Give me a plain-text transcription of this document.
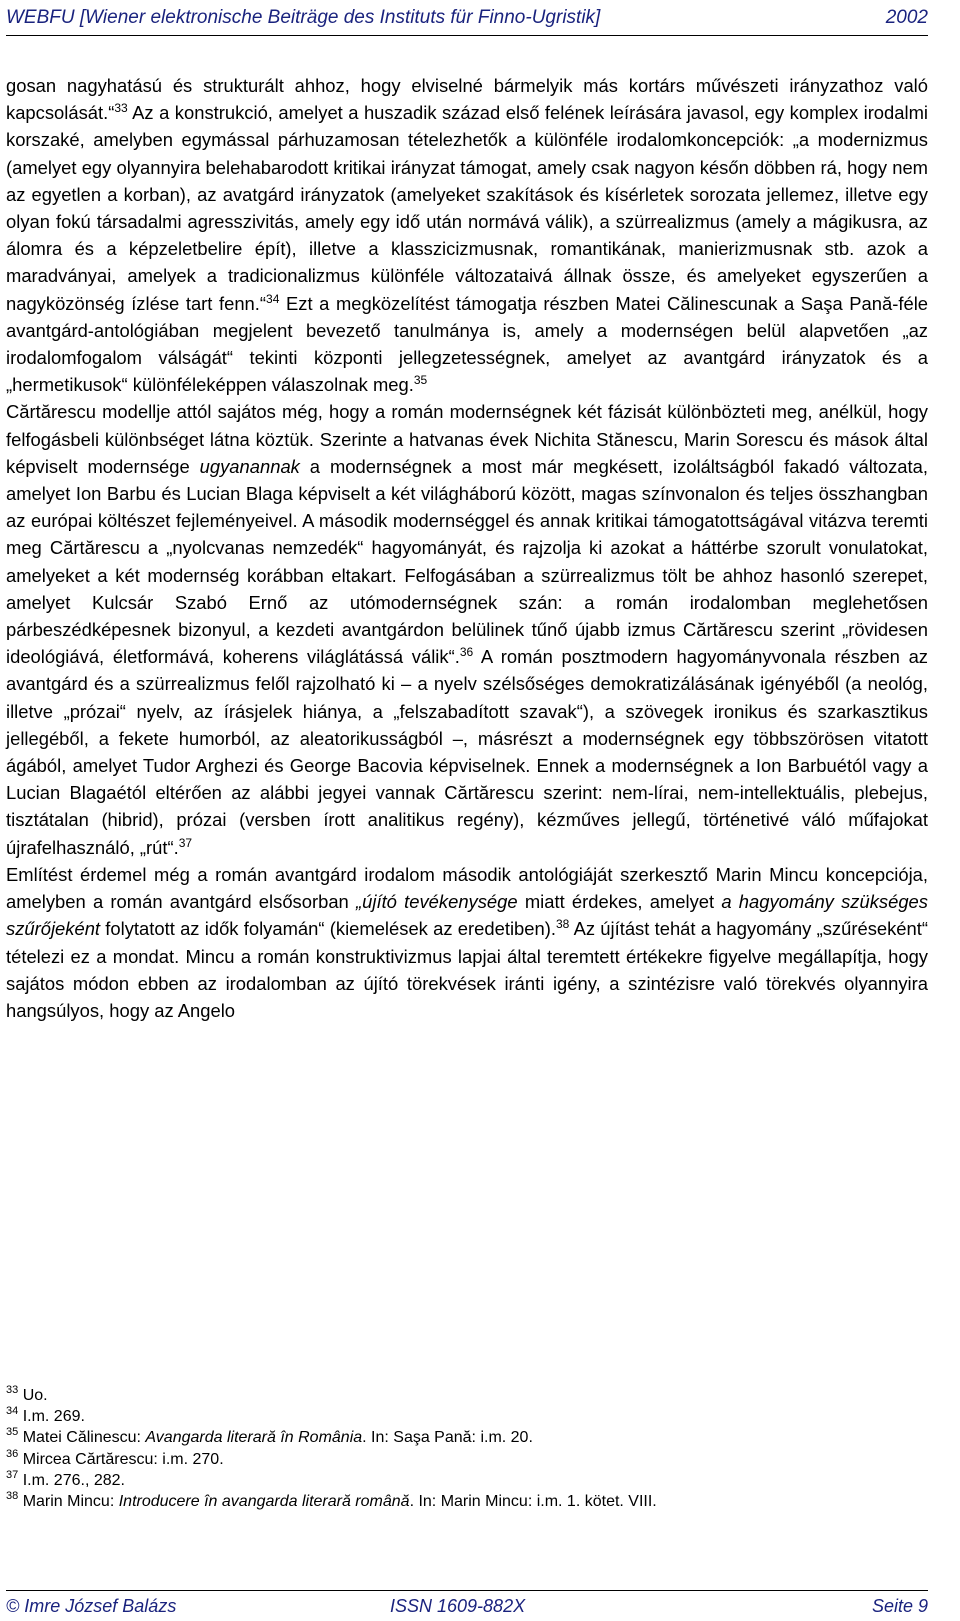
WEBFU [Wiener elektronische Beiträge des Instituts für Finno-Ugristik]	2002

gosan nagyhatású és strukturált ahhoz, hogy elviselné bármelyik más kortárs művészeti irányzathoz való kapcsolását.“$^{33}$ Az a konstrukció, amelyet a huszadik század első felének leírására javasol, egy komplex irodalmi korszaké, amelyben egymással párhuzamosan tételezhetők a különféle irodalomkoncepciók: „a modernizmus (amelyet egy olyannyira belehabarodott kritikai irányzat támogat, amely csak nagyon későn döbben rá, hogy nem az egyetlen a korban), az avatgárd irányzatok (amelyeket szakítások és kísérletek sorozata jellemez, illetve egy olyan fokú társadalmi agresszivitás, amely egy idő után normává válik), a szürrealizmus (amely a mágikusra, az álomra és a képzeletbelire épít), illetve a klasszicizmusnak, romantikának, manierizmusnak stb. azok a maradványai, amelyek a tradicionalizmus különféle változataivá állnak össze, és amelyeket egyszerűen a nagyközönség ízlése tart fenn.“$^{34}$ Ezt a megközelítést támogatja részben Matei Călinescunak a Saşa Pană-féle avantgárd-antológiában megjelent bevezető tanulmánya is, amely a modernségen belül alapvetően „az irodalomfogalom válságát“ tekinti központi jellegzetességnek, amelyet az avantgárd irányzatok és a „hermetikusok“ különféleképpen válaszolnak meg.$^{35}$

Cărtărescu modellje attól sajátos még, hogy a román modernségnek két fázisát különbözteti meg, anélkül, hogy felfogásbeli különbséget látna köztük. Szerinte a hatvanas évek Nichita Stănescu, Marin Sorescu és mások által képviselt modernsége ugyanannak a modernségnek a most már megkésett, izoláltságból fakadó változata, amelyet Ion Barbu és Lucian Blaga képviselt a két világháború között, magas színvonalon és teljes összhangban az európai költészet fejleményeivel. A második modernséggel és annak kritikai támogatottságával vitázva teremti meg Cărtărescu a „nyolcvanas nemzedék“ hagyományát, és rajzolja ki azokat a háttérbe szorult vonulatokat, amelyeket a két modernség korábban eltakart. Felfogásában a szürrealizmus tölt be ahhoz hasonló szerepet, amelyet Kulcsár Szabó Ernő az utómodernségnek szán: a román irodalomban meglehetősen párbeszédképesnek bizonyul, a kezdeti avantgárdon belülinek tűnő újabb izmus Cărtărescu szerint „rövidesen ideológiává, életformává, koherens világlátássá válik“.$^{36}$ A román posztmodern hagyományvonala részben az avantgárd és a szürrealizmus felől rajzolható ki – a nyelv szélsőséges demokratizálásának igényéből (a neológ, illetve „prózai“ nyelv, az írásjelek hiánya, a „felszabadított szavak“), a szövegek ironikus és szarkasztikus jellegéből, a fekete humorból, az aleatorikusságból –, másrészt a modernségnek egy többszörösen vitatott ágából, amelyet Tudor Arghezi és George Bacovia képviselnek. Ennek a modernségnek a Ion Barbuétól vagy a Lucian Blagaétól eltérően az alábbi jegyei vannak Cărtărescu szerint: nem-lírai, nem-intellektuális, plebejus, tisztátalan (hibrid), prózai (versben írott analitikus regény), kézműves jellegű, történetivé váló műfajokat újrafelhasználó, „rút“.$^{37}$

Említést érdemel még a román avantgárd irodalom második antológiáját szerkesztő Marin Mincu koncepciója, amelyben a román avantgárd elsősorban „újító tevékenysége miatt érdekes, amelyet a hagyomány szükséges szűrőjeként folytatott az idők folyamán“ (kiemelések az eredetiben).$^{38}$ Az újítást tehát a hagyomány „szűréseként“ tételezi ez a mondat. Mincu a román konstruktivizmus lapjai által teremtett értékekre figyelve megállapítja, hogy sajátos módon ebben az irodalomban az újító törekvések iránti igény, a szintézisre való törekvés olyannyira hangsúlyos, hogy az Angelo

$^{33}$ Uo.
$^{34}$ I.m. 269.
$^{35}$ Matei Călinescu: Avangarda literară în România. In: Saşa Pană: i.m. 20.
$^{36}$ Mircea Cărtărescu: i.m. 270.
$^{37}$ I.m. 276., 282.
$^{38}$ Marin Mincu: Introducere în avangarda literară română. In: Marin Mincu: i.m. 1. kötet. VIII.
© Imre József Balázs	ISSN 1609-882X	Seite 9
